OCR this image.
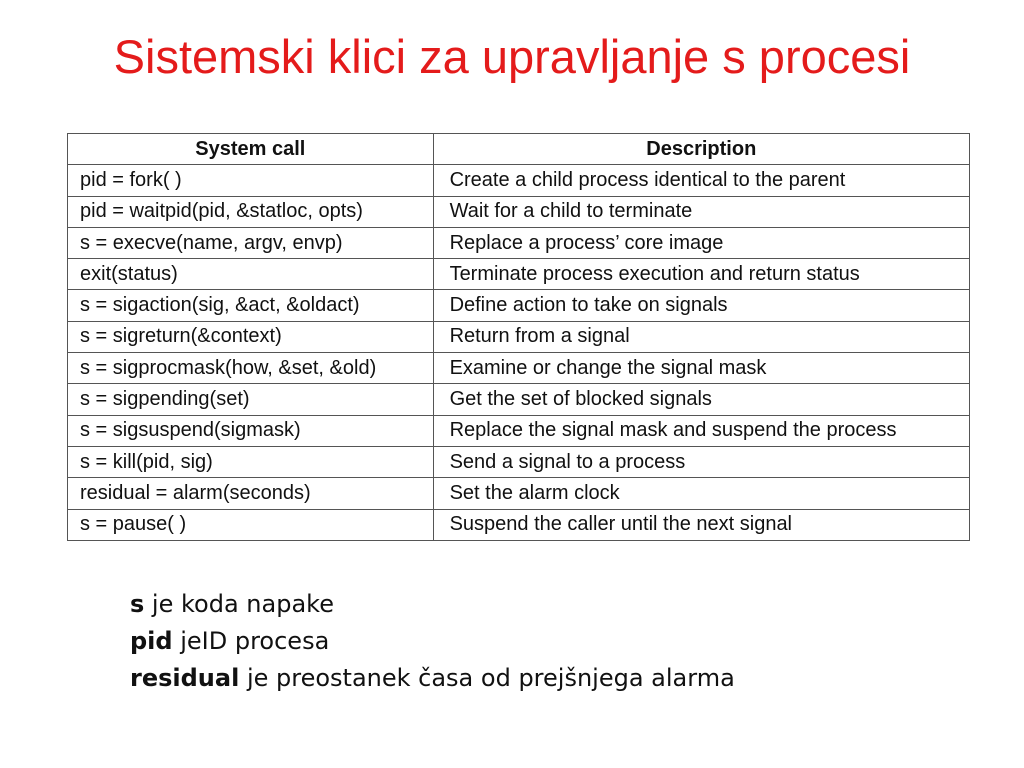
Sistemski klici za upravljanje s procesi
System call	Description
pid = fork( )	Create a child process identical to the parent
pid = waitpid(pid, &statloc, opts)	Wait for a child to terminate
s = execve(name, argv, envp)	Replace a process’ core image
exit(status)	Terminate process execution and return status
s = sigaction(sig, &act, &oldact)	Define action to take on signals
s = sigreturn(&context)	Return from a signal
s = sigprocmask(how, &set, &old)	Examine or change the signal mask
s = sigpending(set)	Get the set of blocked signals
s = sigsuspend(sigmask)	Replace the signal mask and suspend the process
s = kill(pid, sig)	Send a signal to a process
residual = alarm(seconds)	Set the alarm clock
s = pause( )	Suspend the caller until the next signal
s je koda napake
pid jeID procesa
residual je preostanek časa od prejšnjega alarma
